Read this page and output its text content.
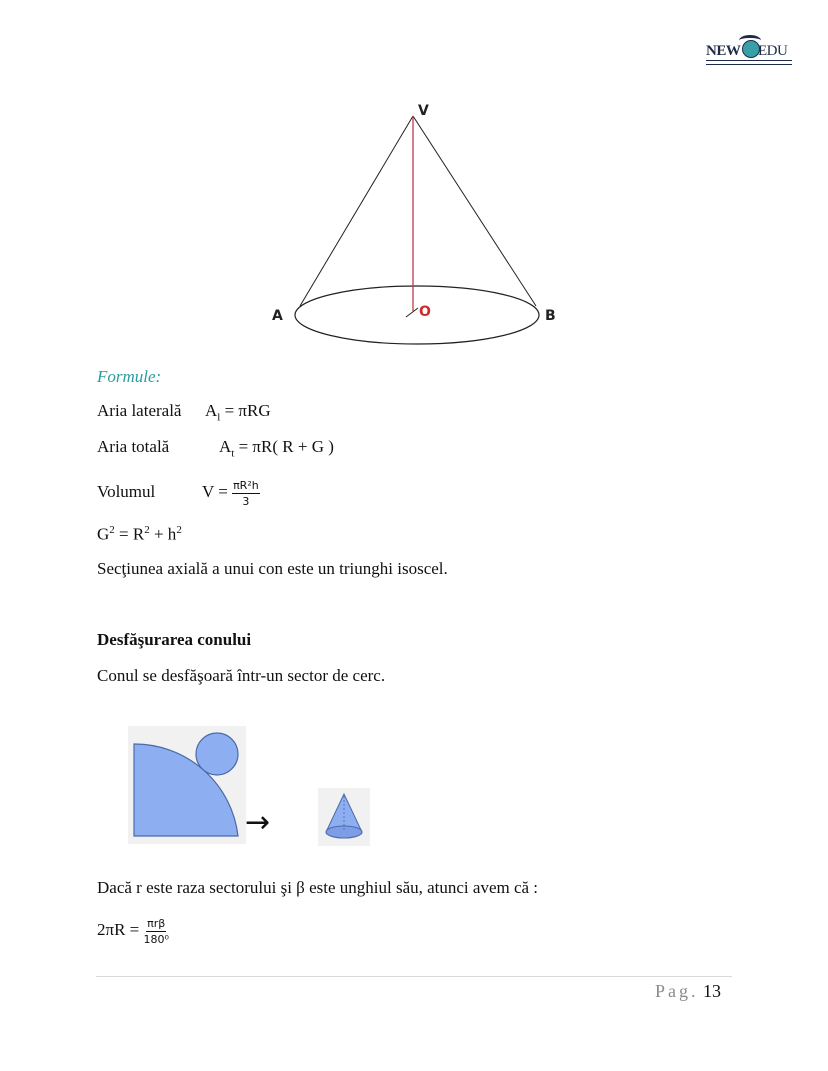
NEW EDU
V
A	B
O
Formule:
Aria laterală $A_l = \pi RG$
Aria totală	$A_t = \pi R$( R + G )
Volumul	$V = \frac{\text{πR²h}}{3}$
$G^2 = R^2 + h^2$
Secţiunea axială a unui con este un triunghi isoscel.
Desfăşurarea conului
Conul se desfăşoară într-un sector de cerc.
→
Dacă r este raza sectorului şi β este unghiul său, atunci avem că :
$2\pi R = \frac{\text{πrβ}}{\text{180⁰}}$
Pag. 13
